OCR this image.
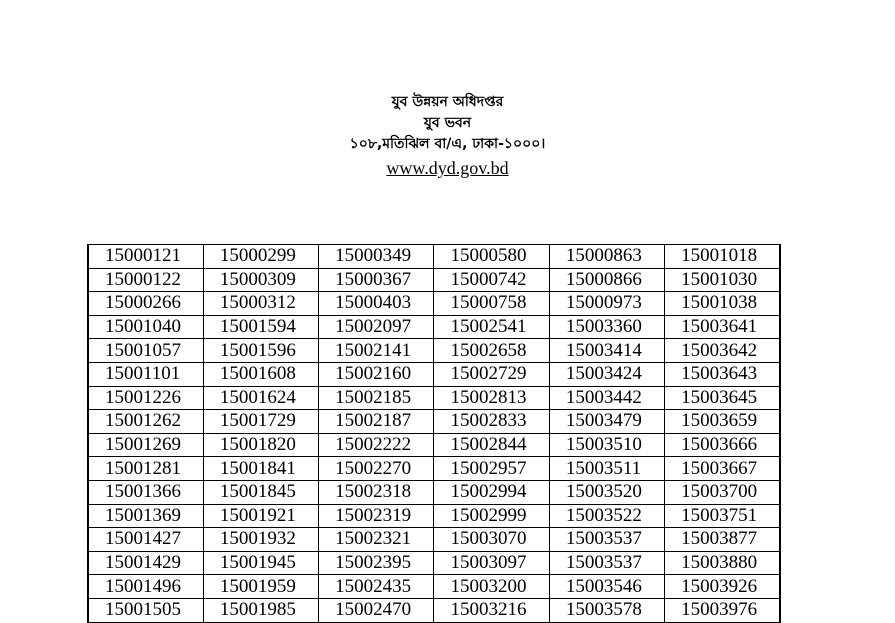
যুব উন্নয়ন অধিদপ্তর
যুব ভবন
১০৮,মতিঝিল বা/এ, ঢাকা-১০০০।
www.dyd.gov.bd
15000121	15000299	15000349	15000580	15000863	15001018
15000122	15000309	15000367	15000742	15000866	15001030
15000266	15000312	15000403	15000758	15000973	15001038
15001040	15001594	15002097	15002541	15003360	15003641
15001057	15001596	15002141	15002658	15003414	15003642
15001101	15001608	15002160	15002729	15003424	15003643
15001226	15001624	15002185	15002813	15003442	15003645
15001262	15001729	15002187	15002833	15003479	15003659
15001269	15001820	15002222	15002844	15003510	15003666
15001281	15001841	15002270	15002957	15003511	15003667
15001366	15001845	15002318	15002994	15003520	15003700
15001369	15001921	15002319	15002999	15003522	15003751
15001427	15001932	15002321	15003070	15003537	15003877
15001429	15001945	15002395	15003097	15003537	15003880
15001496	15001959	15002435	15003200	15003546	15003926
15001505	15001985	15002470	15003216	15003578	15003976
